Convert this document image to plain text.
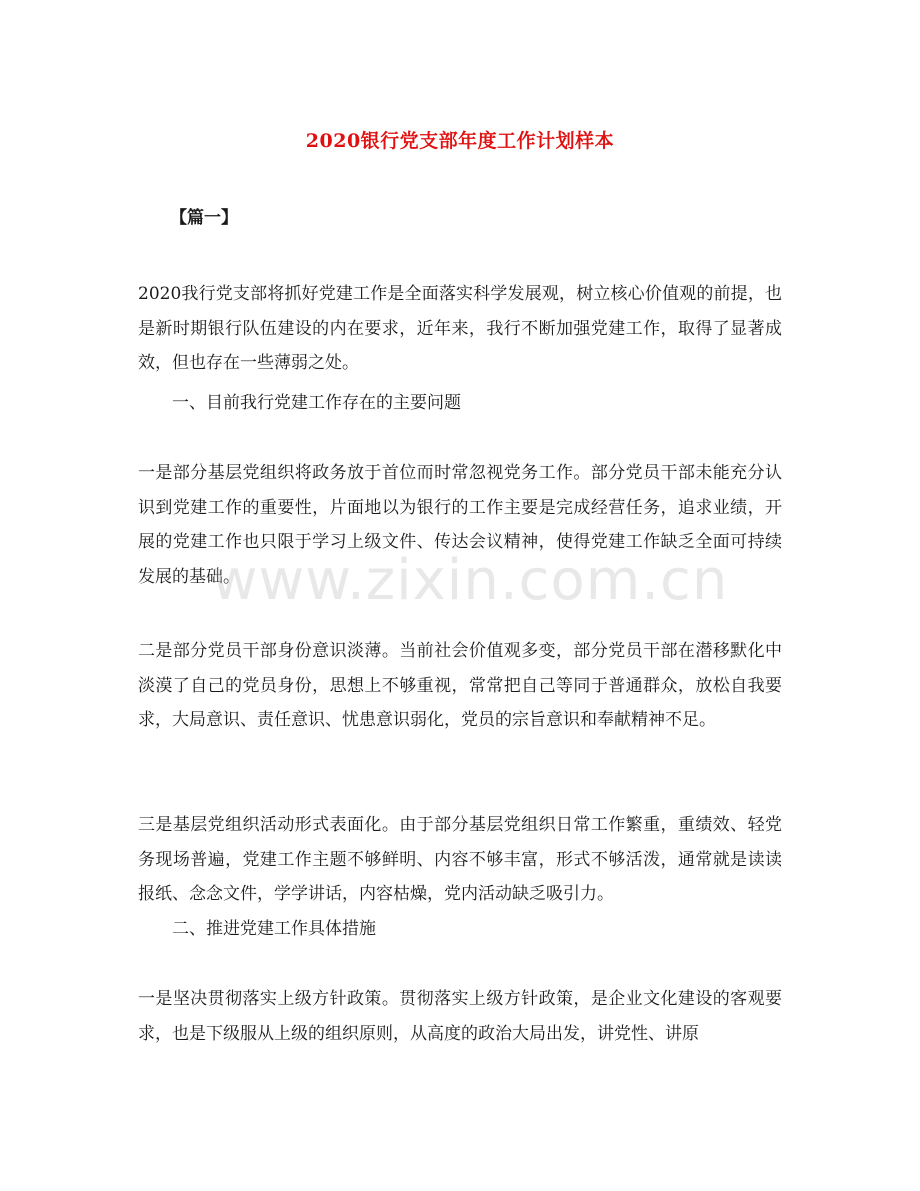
2020银行党支部年度工作计划样本
【篇一】
2020我行党支部将抓好党建工作是全面落实科学发展观，树立核心价值观的前提，也是新时期银行队伍建设的内在要求，近年来，我行不断加强党建工作，取得了显著成效，但也存在一些薄弱之处。
一、目前我行党建工作存在的主要问题
一是部分基层党组织将政务放于首位而时常忽视党务工作。部分党员干部未能充分认识到党建工作的重要性，片面地以为银行的工作主要是完成经营任务，追求业绩，开展的党建工作也只限于学习上级文件、传达会议精神，使得党建工作缺乏全面可持续发展的基础。
二是部分党员干部身份意识淡薄。当前社会价值观多变，部分党员干部在潜移默化中淡漠了自己的党员身份，思想上不够重视，常常把自己等同于普通群众，放松自我要求，大局意识、责任意识、忧患意识弱化，党员的宗旨意识和奉献精神不足。
三是基层党组织活动形式表面化。由于部分基层党组织日常工作繁重，重绩效、轻党务现场普遍，党建工作主题不够鲜明、内容不够丰富，形式不够活泼，通常就是读读报纸、念念文件，学学讲话，内容枯燥，党内活动缺乏吸引力。
二、推进党建工作具体措施
一是坚决贯彻落实上级方针政策。贯彻落实上级方针政策，是企业文化建设的客观要求，也是下级服从上级的组织原则，从高度的政治大局出发，讲党性、讲原
www.zixin.com.cn
